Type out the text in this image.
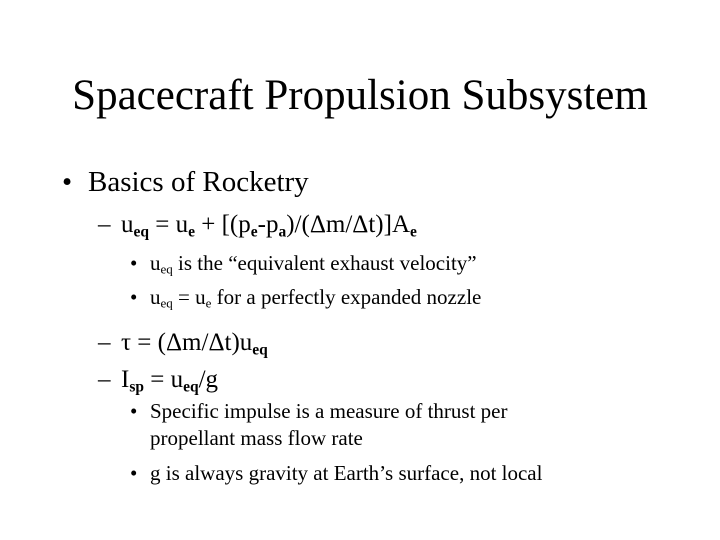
Spacecraft Propulsion Subsystem
• Basics of Rocketry
– $u_{eq} = u_e + [(p_e-p_a)/(\Delta m/\Delta t)]A_e$
• $u_{eq}$ is the “equivalent exhaust velocity”
• $u_{eq} = u_e$ for a perfectly expanded nozzle
– $\tau = (\Delta m/\Delta t)u_{eq}$
– $I_{sp} = u_{eq}/g$
• Specific impulse is a measure of thrust per
propellant mass flow rate
• g is always gravity at Earth’s surface, not local
